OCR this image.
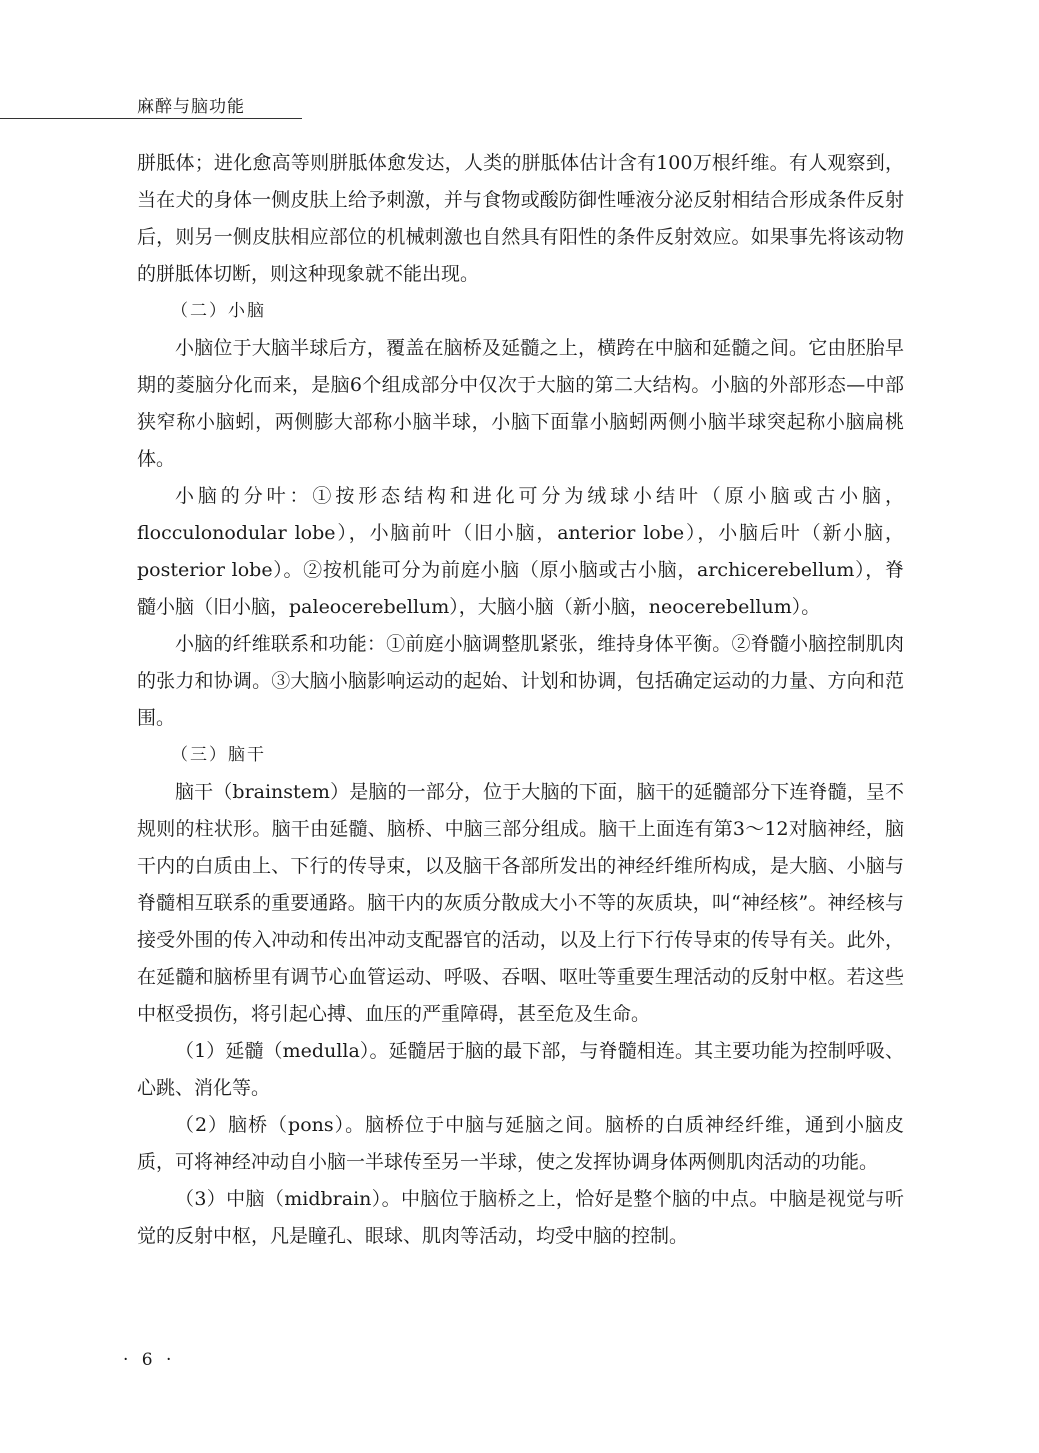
麻醉与脑功能

胼胝体；进化愈高等则胼胝体愈发达，人类的胼胝体估计含有100万根纤维。有人观察到，当在犬的身体一侧皮肤上给予刺激，并与食物或酸防御性唾液分泌反射相结合形成条件反射后，则另一侧皮肤相应部位的机械刺激也自然具有阳性的条件反射效应。如果事先将该动物的胼胝体切断，则这种现象就不能出现。

（二）小脑

小脑位于大脑半球后方，覆盖在脑桥及延髓之上，横跨在中脑和延髓之间。它由胚胎早期的菱脑分化而来，是脑6个组成部分中仅次于大脑的第二大结构。小脑的外部形态—中部狭窄称小脑蚓，两侧膨大部称小脑半球，小脑下面靠小脑蚓两侧小脑半球突起称小脑扁桃体。

小脑的分叶：①按形态结构和进化可分为绒球小结叶（原小脑或古小脑，flocculonodular lobe），小脑前叶（旧小脑，anterior lobe），小脑后叶（新小脑，posterior lobe）。②按机能可分为前庭小脑（原小脑或古小脑，archicerebellum），脊髓小脑（旧小脑，paleocerebellum），大脑小脑（新小脑，neocerebellum）。

小脑的纤维联系和功能：①前庭小脑调整肌紧张，维持身体平衡。②脊髓小脑控制肌肉的张力和协调。③大脑小脑影响运动的起始、计划和协调，包括确定运动的力量、方向和范围。

（三）脑干

脑干（brainstem）是脑的一部分，位于大脑的下面，脑干的延髓部分下连脊髓，呈不规则的柱状形。脑干由延髓、脑桥、中脑三部分组成。脑干上面连有第3～12对脑神经，脑干内的白质由上、下行的传导束，以及脑干各部所发出的神经纤维所构成，是大脑、小脑与脊髓相互联系的重要通路。脑干内的灰质分散成大小不等的灰质块，叫“神经核”。神经核与接受外围的传入冲动和传出冲动支配器官的活动，以及上行下行传导束的传导有关。此外，在延髓和脑桥里有调节心血管运动、呼吸、吞咽、呕吐等重要生理活动的反射中枢。若这些中枢受损伤，将引起心搏、血压的严重障碍，甚至危及生命。

（1）延髓（medulla）。延髓居于脑的最下部，与脊髓相连。其主要功能为控制呼吸、心跳、消化等。

（2）脑桥（pons）。脑桥位于中脑与延脑之间。脑桥的白质神经纤维，通到小脑皮质，可将神经冲动自小脑一半球传至另一半球，使之发挥协调身体两侧肌肉活动的功能。

（3）中脑（midbrain）。中脑位于脑桥之上，恰好是整个脑的中点。中脑是视觉与听觉的反射中枢，凡是瞳孔、眼球、肌肉等活动，均受中脑的控制。

· 6 ·
